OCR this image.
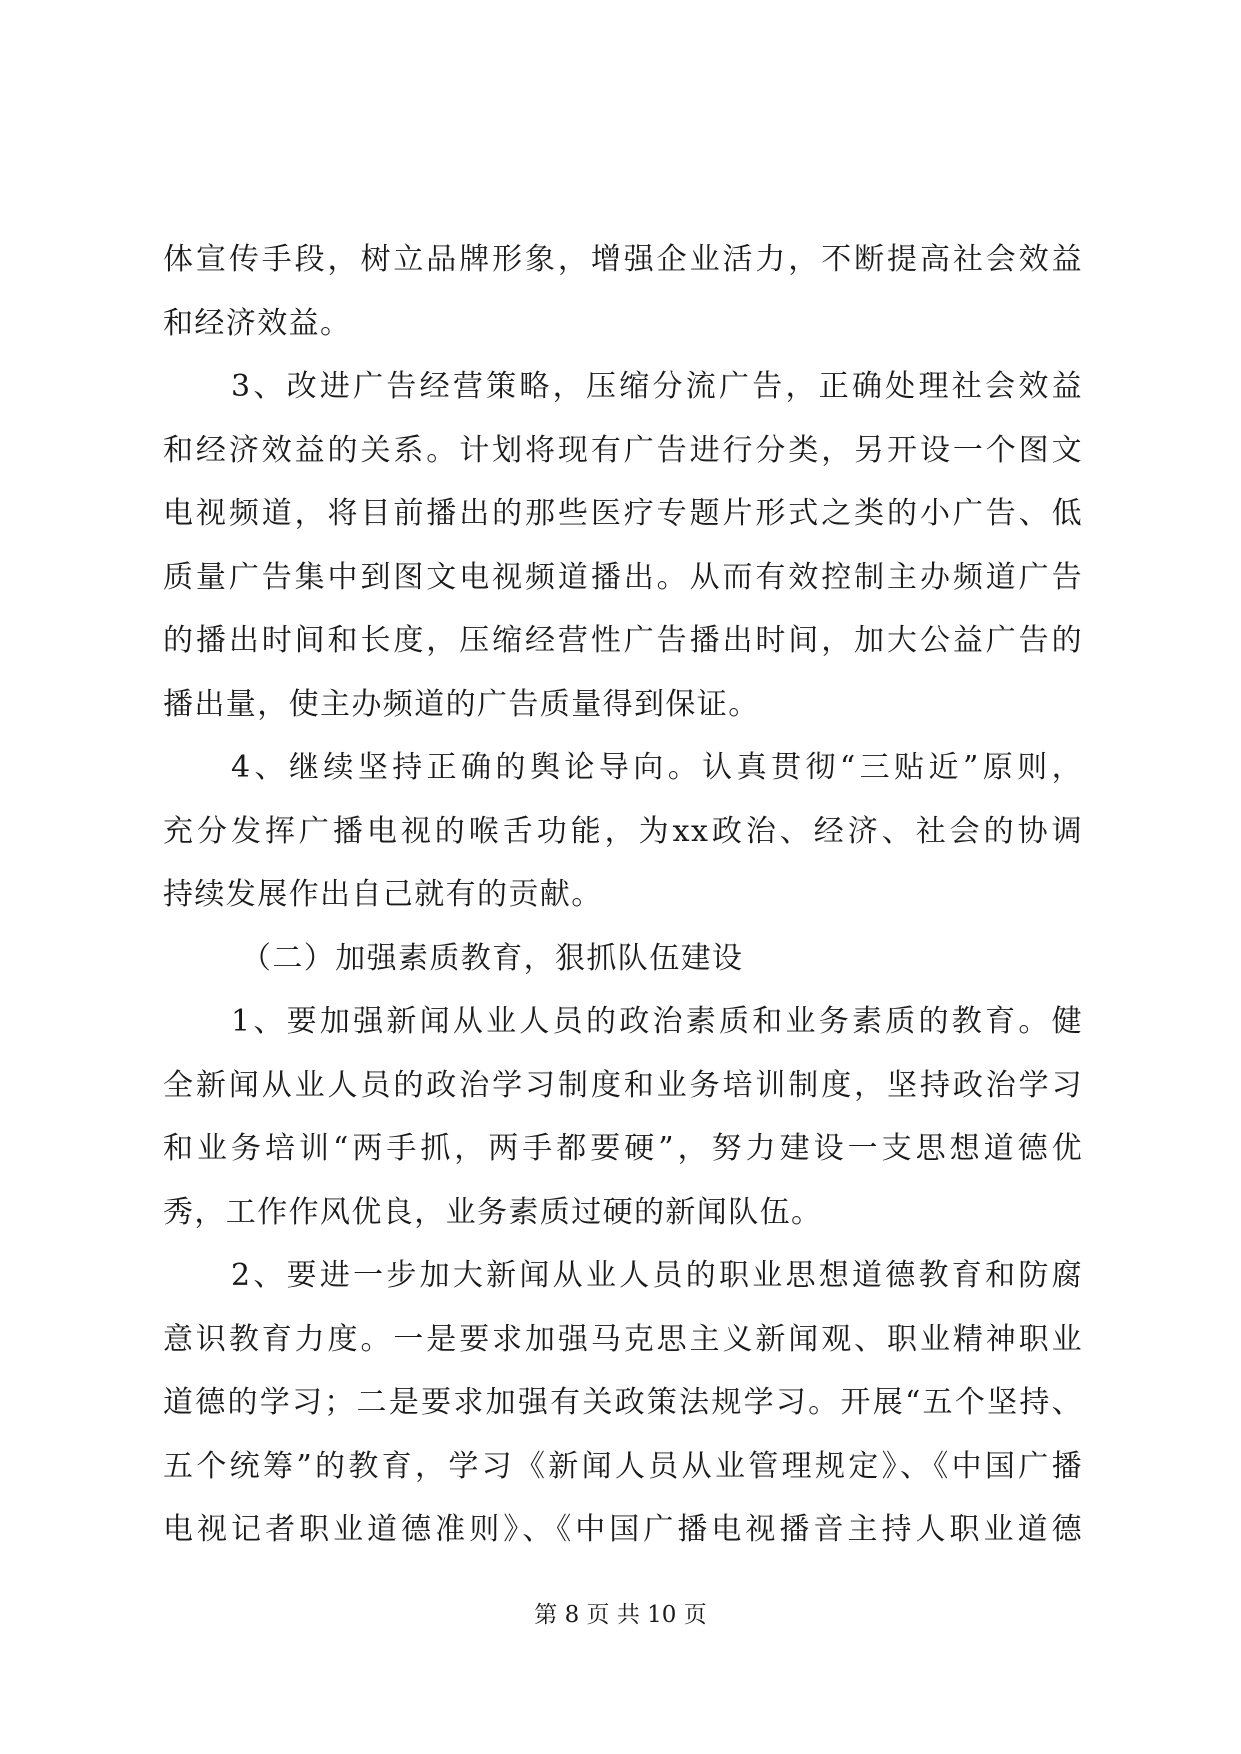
体宣传手段，树立品牌形象，增强企业活力，不断提高社会效益
和经济效益。
3、改进广告经营策略，压缩分流广告，正确处理社会效益
和经济效益的关系。计划将现有广告进行分类，另开设一个图文
电视频道，将目前播出的那些医疗专题片形式之类的小广告、低
质量广告集中到图文电视频道播出。从而有效控制主办频道广告
的播出时间和长度，压缩经营性广告播出时间，加大公益广告的
播出量，使主办频道的广告质量得到保证。
4、继续坚持正确的舆论导向。认真贯彻“三贴近”原则，
充分发挥广播电视的喉舌功能，为xx政治、经济、社会的协调
持续发展作出自己就有的贡献。
（二）加强素质教育，狠抓队伍建设
1、要加强新闻从业人员的政治素质和业务素质的教育。健
全新闻从业人员的政治学习制度和业务培训制度，坚持政治学习
和业务培训“两手抓，两手都要硬”，努力建设一支思想道德优
秀，工作作风优良，业务素质过硬的新闻队伍。
2、要进一步加大新闻从业人员的职业思想道德教育和防腐
意识教育力度。一是要求加强马克思主义新闻观、职业精神职业
道德的学习；二是要求加强有关政策法规学习。开展“五个坚持、
五个统筹”的教育，学习《新闻人员从业管理规定》、《中国广播
电视记者职业道德准则》、《中国广播电视播音主持人职业道德
第 8 页 共 10 页
